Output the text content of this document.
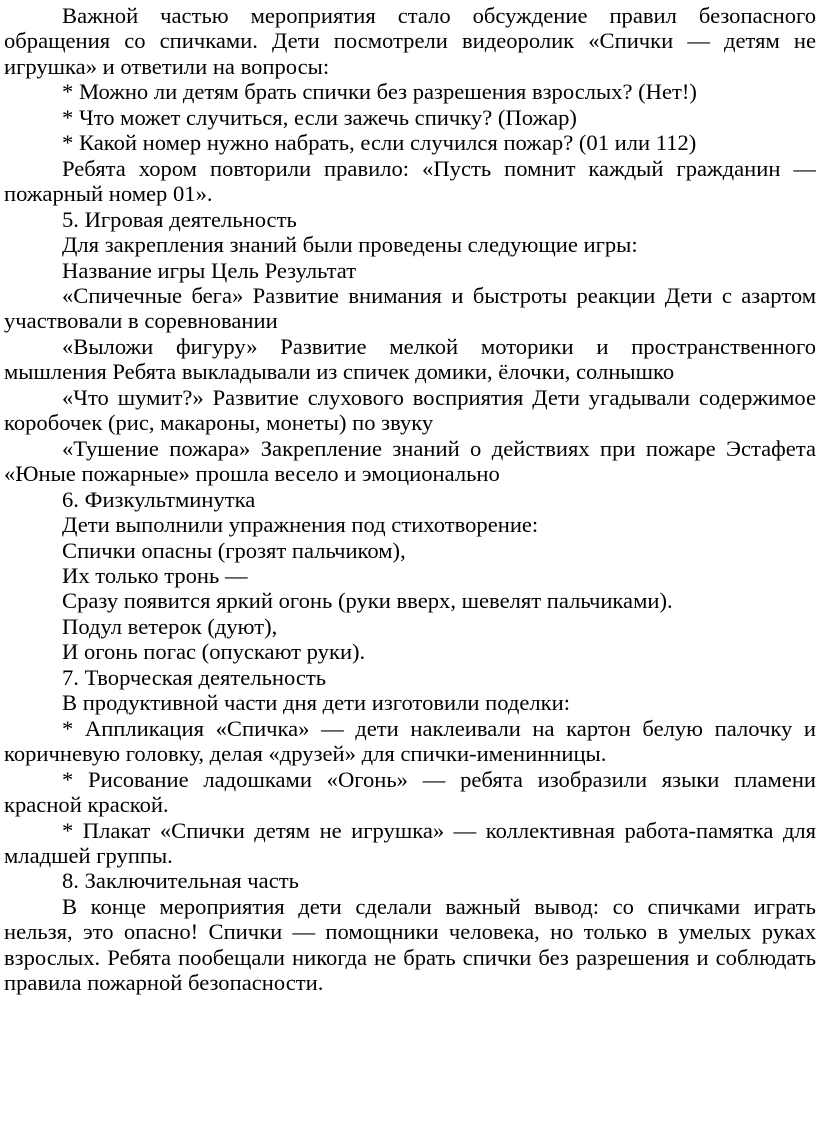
Важной частью мероприятия стало обсуждение правил безопасного обращения со спичками. Дети посмотрели видеоролик «Спички — детям не игрушка» и ответили на вопросы:

* Можно ли детям брать спички без разрешения взрослых? (Нет!)

* Что может случиться, если зажечь спичку? (Пожар)

* Какой номер нужно набрать, если случился пожар? (01 или 112)

Ребята хором повторили правило: «Пусть помнит каждый гражданин — пожарный номер 01».

5. Игровая деятельность

Для закрепления знаний были проведены следующие игры:

Название игры Цель Результат

«Спичечные бега» Развитие внимания и быстроты реакции Дети с азартом участвовали в соревновании

«Выложи фигуру» Развитие мелкой моторики и пространственного мышления Ребята выкладывали из спичек домики, ёлочки, солнышко

«Что шумит?» Развитие слухового восприятия Дети угадывали содержимое коробочек (рис, макароны, монеты) по звуку

«Тушение пожара» Закрепление знаний о действиях при пожаре Эстафета «Юные пожарные» прошла весело и эмоционально

6. Физкультминутка

Дети выполнили упражнения под стихотворение:

Спички опасны (грозят пальчиком),

Их только тронь —

Сразу появится яркий огонь (руки вверх, шевелят пальчиками).

Подул ветерок (дуют),

И огонь погас (опускают руки).

7. Творческая деятельность

В продуктивной части дня дети изготовили поделки:

* Аппликация «Спичка» — дети наклеивали на картон белую палочку и коричневую головку, делая «друзей» для спички-именинницы.

* Рисование ладошками «Огонь» — ребята изобразили языки пламени красной краской.

* Плакат «Спички детям не игрушка» — коллективная работа-памятка для младшей группы.

8. Заключительная часть

В конце мероприятия дети сделали важный вывод: со спичками играть нельзя, это опасно! Спички — помощники человека, но только в умелых руках взрослых. Ребята пообещали никогда не брать спички без разрешения и соблюдать правила пожарной безопасности.
